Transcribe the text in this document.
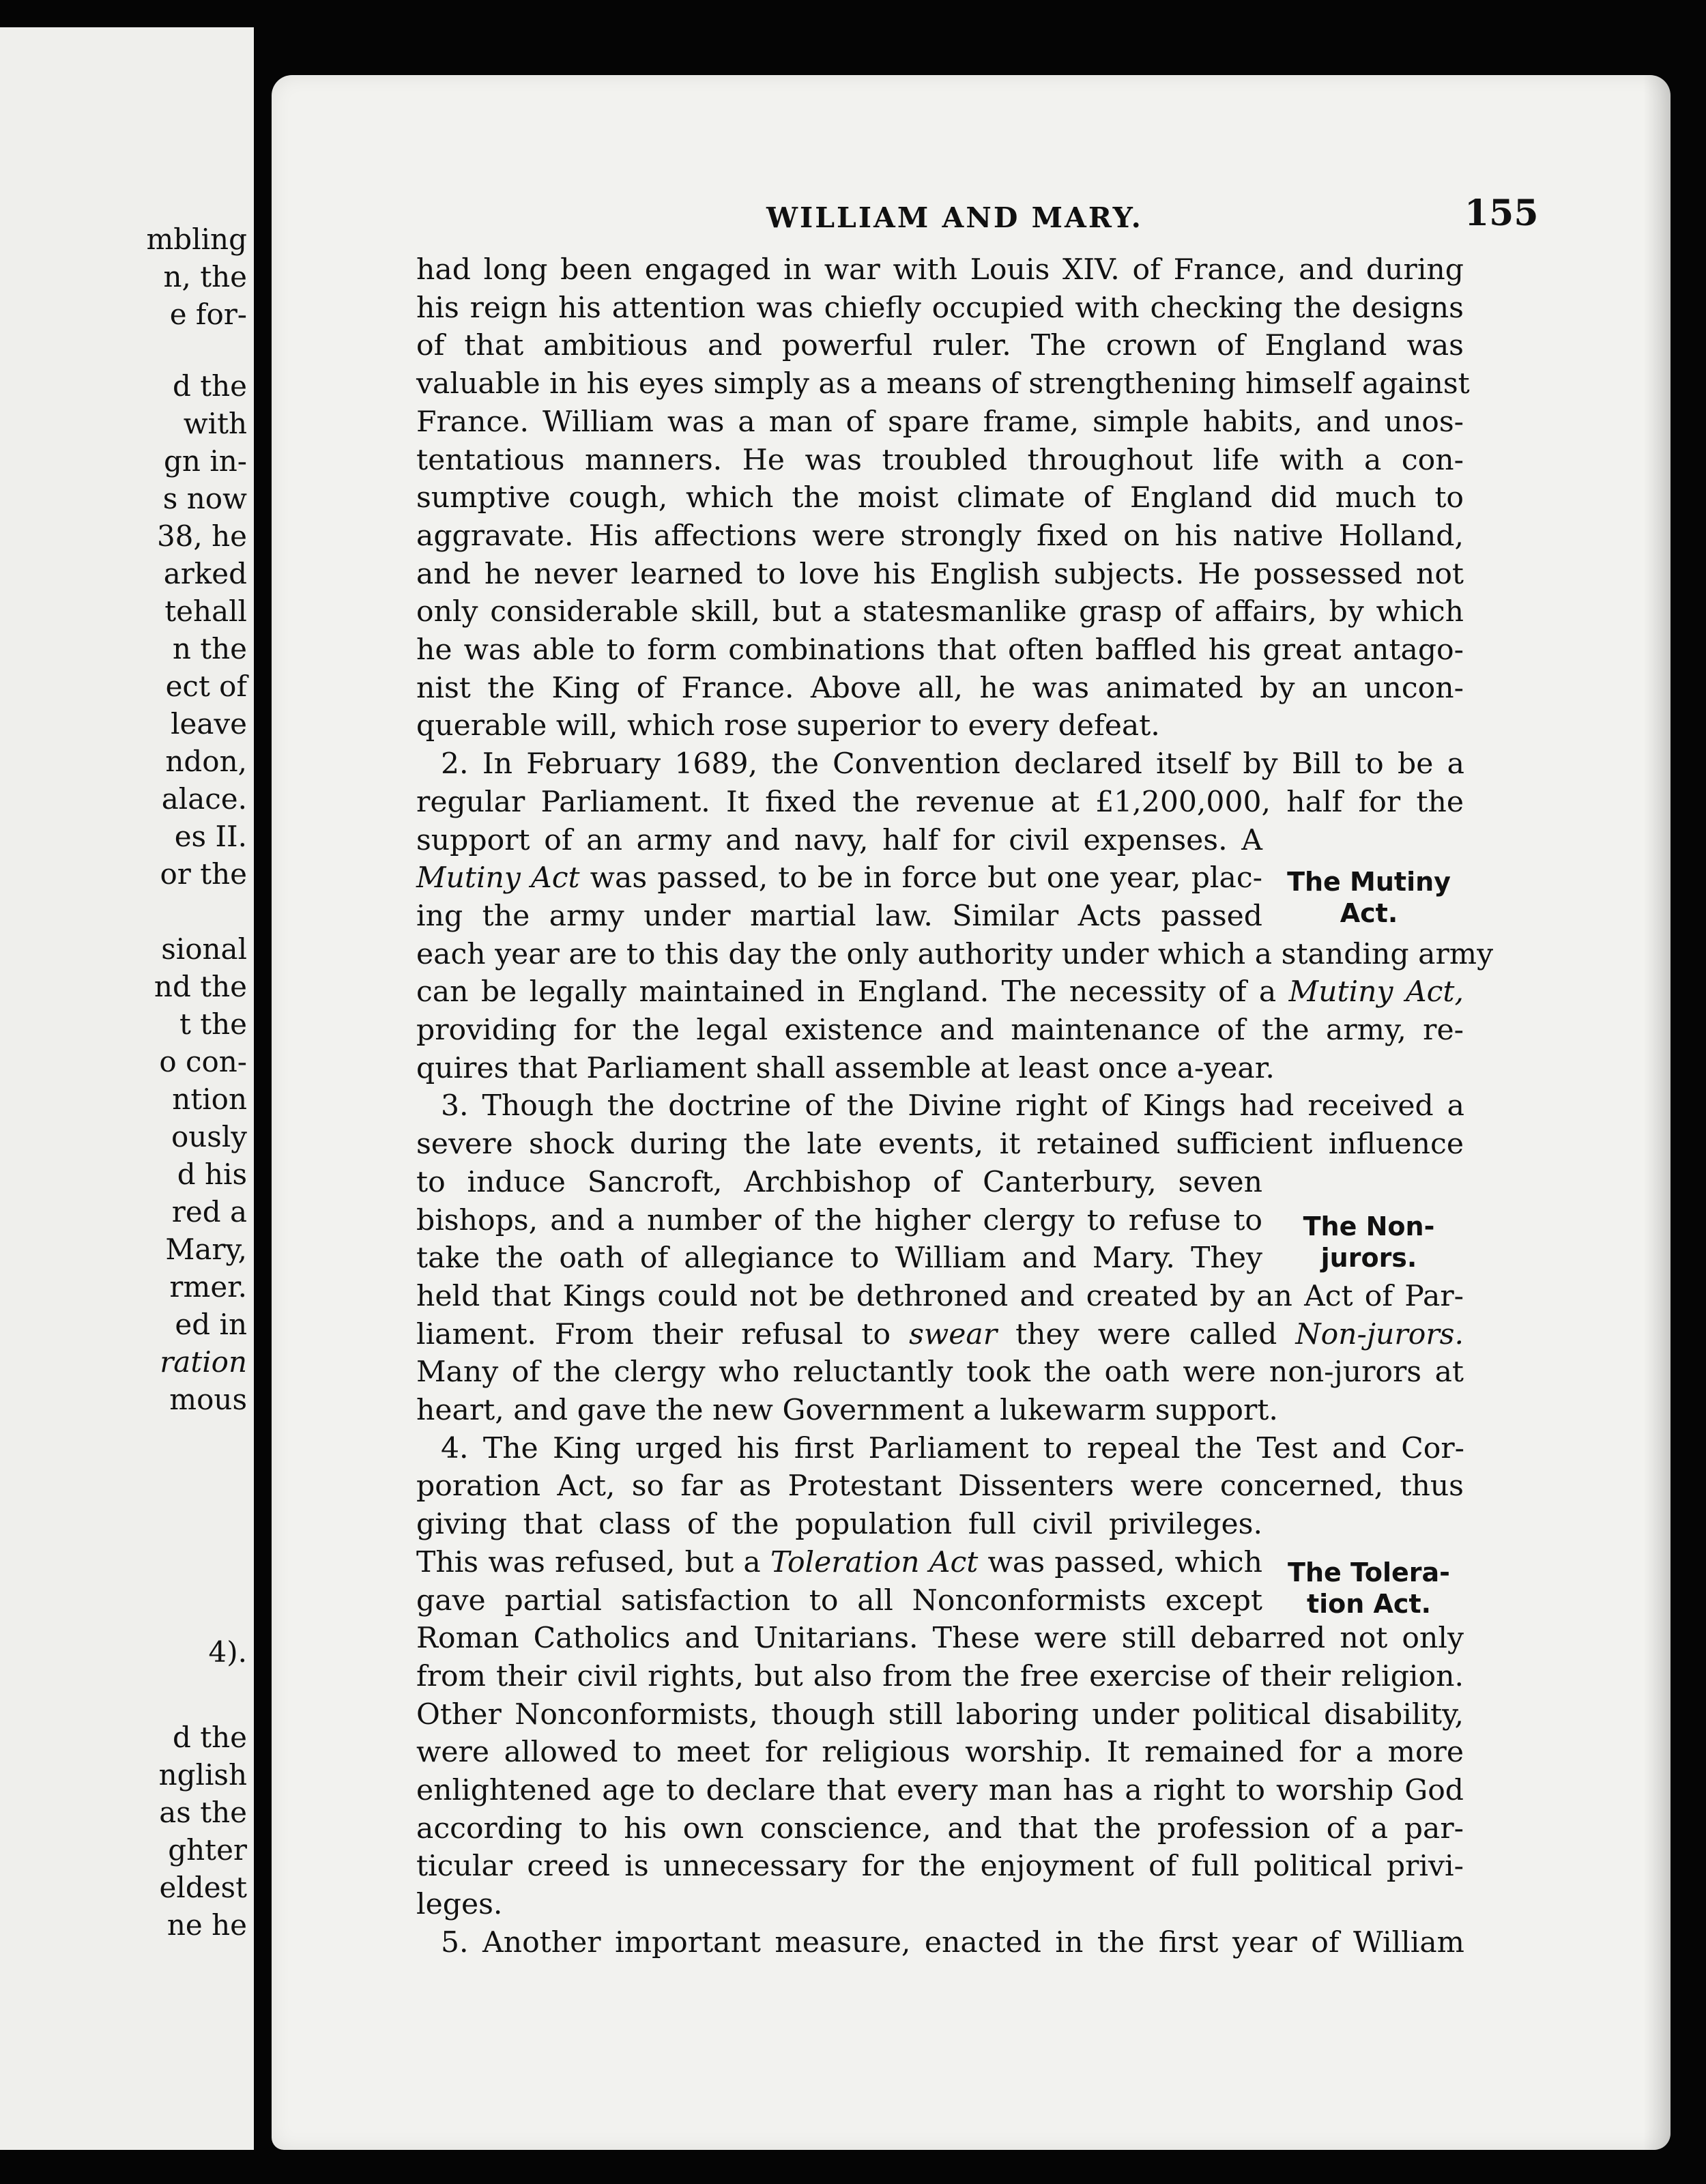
mbling
n, the
e for-
d the
with
gn in-
s now
38, he
arked
tehall
n the
ect of
leave
ndon,
alace.
es II.
or the
sional
nd the
t the
o con-
ntion
ously
d his
red a
Mary,
rmer.
ed in
ration
mous
4).
d the
nglish
as the
ghter
eldest
ne he
WILLIAM AND MARY.	155
The Mutiny
Act.
The Non-
jurors.
The Tolera-
tion Act.
had long been engaged in war with Louis XIV. of France, and during
his reign his attention was chiefly occupied with checking the designs
of that ambitious and powerful ruler. The crown of England was
valuable in his eyes simply as a means of strengthening himself against
France. William was a man of spare frame, simple habits, and unos-
tentatious manners. He was troubled throughout life with a con-
sumptive cough, which the moist climate of England did much to
aggravate. His affections were strongly fixed on his native Holland,
and he never learned to love his English subjects. He possessed not
only considerable skill, but a statesmanlike grasp of affairs, by which
he was able to form combinations that often baffled his great antago-
nist the King of France. Above all, he was animated by an uncon-
querable will, which rose superior to every defeat.
2. In February 1689, the Convention declared itself by Bill to be a
regular Parliament. It fixed the revenue at £1,200,000, half for the
support of an army and navy, half for civil expenses. A
Mutiny Act was passed, to be in force but one year, plac-
ing the army under martial law. Similar Acts passed
each year are to this day the only authority under which a standing army
can be legally maintained in England. The necessity of a Mutiny Act,
providing for the legal existence and maintenance of the army, re-
quires that Parliament shall assemble at least once a-year.
3. Though the doctrine of the Divine right of Kings had received a
severe shock during the late events, it retained sufficient influence
to induce Sancroft, Archbishop of Canterbury, seven
bishops, and a number of the higher clergy to refuse to
take the oath of allegiance to William and Mary. They
held that Kings could not be dethroned and created by an Act of Par-
liament. From their refusal to swear they were called Non-jurors.
Many of the clergy who reluctantly took the oath were non-jurors at
heart, and gave the new Government a lukewarm support.
4. The King urged his first Parliament to repeal the Test and Cor-
poration Act, so far as Protestant Dissenters were concerned, thus
giving that class of the population full civil privileges.
This was refused, but a Toleration Act was passed, which
gave partial satisfaction to all Nonconformists except
Roman Catholics and Unitarians. These were still debarred not only
from their civil rights, but also from the free exercise of their religion.
Other Nonconformists, though still laboring under political disability,
were allowed to meet for religious worship. It remained for a more
enlightened age to declare that every man has a right to worship God
according to his own conscience, and that the profession of a par-
ticular creed is unnecessary for the enjoyment of full political privi-
leges.
5. Another important measure, enacted in the first year of William
